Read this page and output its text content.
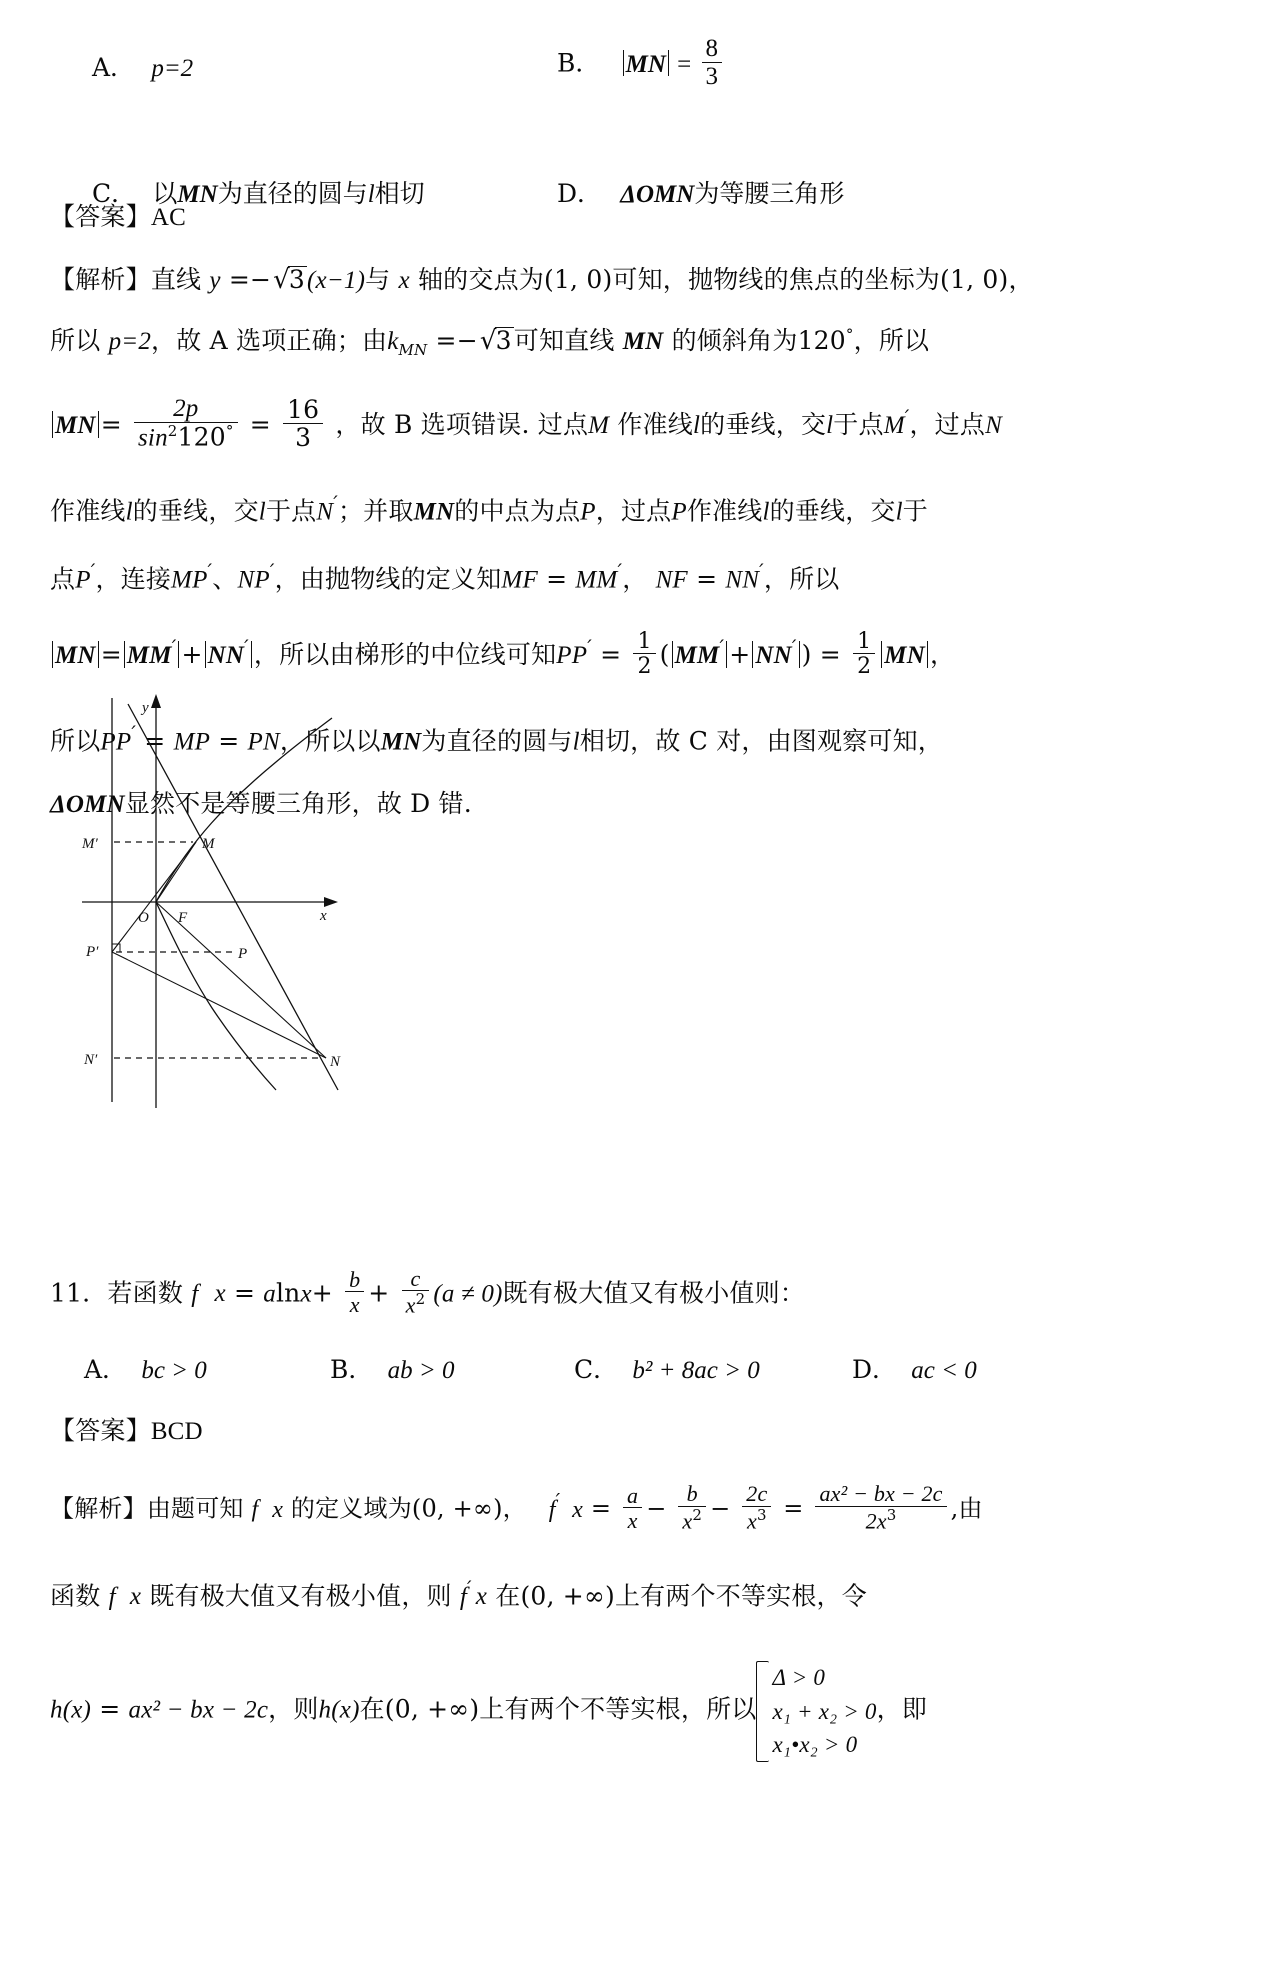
A． p=2	B． MN = $\frac{8}{3}$
C． 以MN为直径的圆与l相切	D． ΔOMN为等腰三角形
【答案】AC
【解析】直线 y =−√3(x−1)与 x 轴的交点为(1, 0)可知，抛物线的焦点的坐标为(1, 0)，
所以 p=2，故 A 选项正确；由$k_{MN} =-√3$可知直线 MN 的倾斜角为120°，所以
MN = $\frac{2p}{\sin^2120^\circ} = \frac{16}{3}$ ，故 B 选项错误. 过点M 作准线l的垂线，交l于点M′，过点N
作准线l的垂线，交l于点N′；并取MN的中点为点P，过点P作准线l的垂线，交l于
点P′，连接MP′、NP′，由抛物线的定义知MF = MM′， NF = NN′，所以
MN = MM′ + NN′ ，所以由梯形的中位线可知$PP' = \frac{1}{2}$ ( MM′ + NN′ ) = $\frac{1}{2}$ MN ，
所以PP′ = MP = PN，所以以MN为直径的圆与l相切，故 C 对，由图观察可知，
ΔOMN显然不是等腰三角形，故 D 错.
y
x
O F
M
M′
P
P′
N
N′
11．若函数 f $x = alnx+ \frac{b}{x} + \frac{c}{x^2} (a \ne 0)$既有极大值又有极小值则：
A． bc > 0	B． ab > 0	C． b² + 8ac > 0	D． ac < 0
【答案】BCD
【解析】由题可知 f x 的定义域为(0, +∞)， f′ $x = \frac{a}{x} - \frac{b}{x^2} - \frac{2c}{x^3} = \frac{\text{ax² − bx − 2c}}{2x^3}$ ,由
函数 f x 既有极大值又有极小值，则 f′ x 在(0, +∞)上有两个不等实根，令
h(x) = ax² − bx − 2c，则h(x)在(0, +∞)上有两个不等实根，所以
Δ > 0
x₁ + x₂ > 0
x₁•x₂ > 0
，即
